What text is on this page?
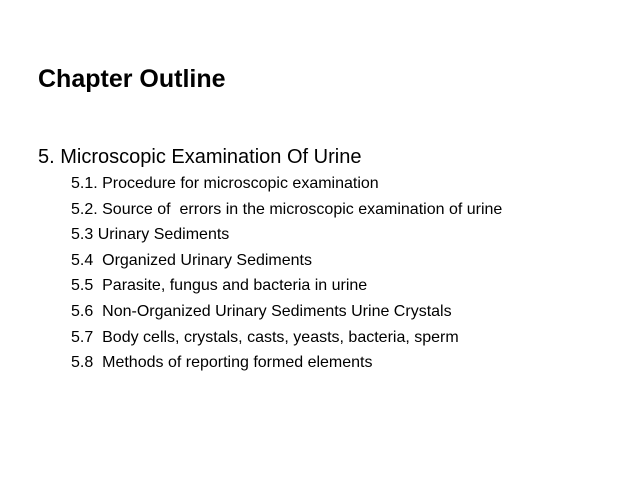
Chapter Outline
5. Microscopic Examination Of Urine
5.1. Procedure for microscopic examination
5.2. Source of  errors in the microscopic examination of urine
5.3 Urinary Sediments
5.4  Organized Urinary Sediments
5.5  Parasite, fungus and bacteria in urine
5.6  Non-Organized Urinary Sediments Urine Crystals
5.7  Body cells, crystals, casts, yeasts, bacteria, sperm
5.8  Methods of reporting formed elements
